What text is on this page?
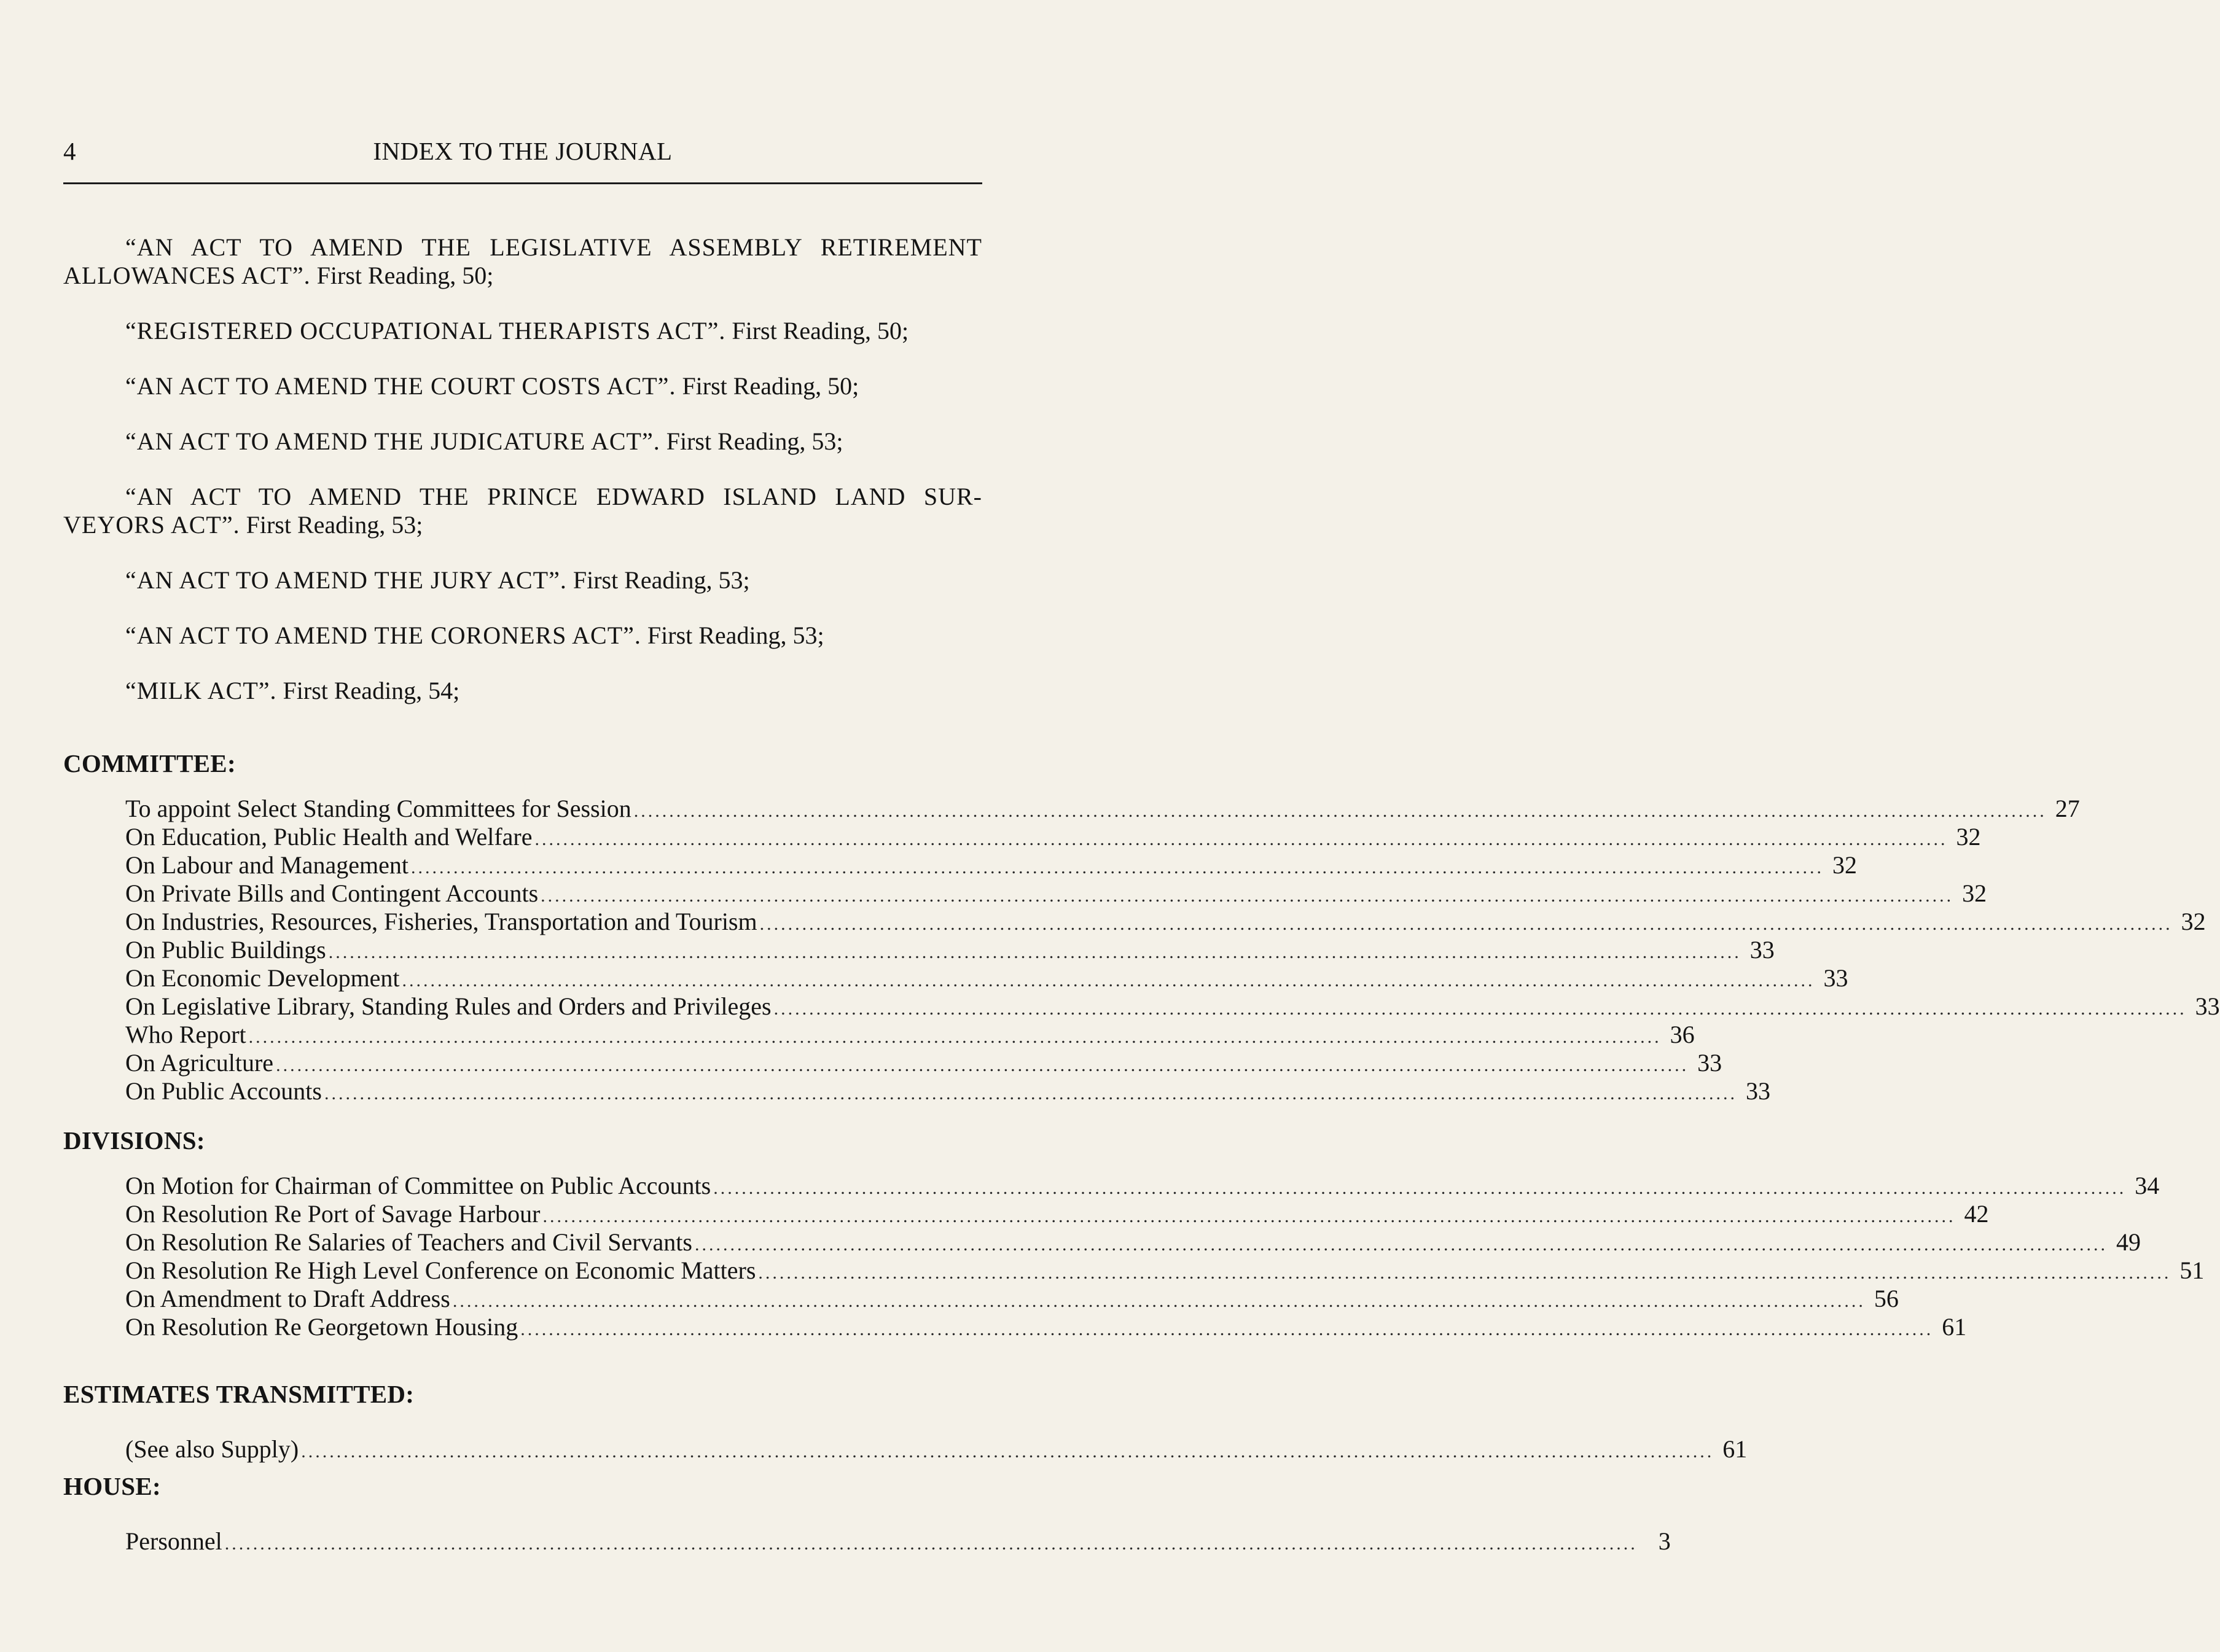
4	INDEX TO THE JOURNAL

“AN ACT TO AMEND THE LEGISLATIVE ASSEMBLY RETIREMENT ALLOWANCES ACT”. First Reading, 50;

“REGISTERED OCCUPATIONAL THERAPISTS ACT”. First Reading, 50;

“AN ACT TO AMEND THE COURT COSTS ACT”. First Reading, 50;

“AN ACT TO AMEND THE JUDICATURE ACT”. First Reading, 53;

“AN ACT TO AMEND THE PRINCE EDWARD ISLAND LAND SUR-VEYORS ACT”. First Reading, 53;

“AN ACT TO AMEND THE JURY ACT”. First Reading, 53;

“AN ACT TO AMEND THE CORONERS ACT”. First Reading, 53;

“MILK ACT”. First Reading, 54;

COMMITTEE:
To appoint Select Standing Committees for Session ........................................................................................................................................................................................................ 27
On Education, Public Health and Welfare ........................................................................................................................................................................................................ 32
On Labour and Management ........................................................................................................................................................................................................ 32
On Private Bills and Contingent Accounts ........................................................................................................................................................................................................ 32
On Industries, Resources, Fisheries, Transportation and Tourism ........................................................................................................................................................................................................ 32
On Public Buildings ........................................................................................................................................................................................................ 33
On Economic Development ........................................................................................................................................................................................................ 33
On Legislative Library, Standing Rules and Orders and Privileges ........................................................................................................................................................................................................ 33
Who Report ........................................................................................................................................................................................................ 36
On Agriculture ........................................................................................................................................................................................................ 33
On Public Accounts ........................................................................................................................................................................................................ 33
DIVISIONS:
On Motion for Chairman of Committee on Public Accounts ........................................................................................................................................................................................................ 34
On Resolution Re Port of Savage Harbour ........................................................................................................................................................................................................ 42
On Resolution Re Salaries of Teachers and Civil Servants ........................................................................................................................................................................................................ 49
On Resolution Re High Level Conference on Economic Matters ........................................................................................................................................................................................................ 51
On Amendment to Draft Address ........................................................................................................................................................................................................ 56
On Resolution Re Georgetown Housing ........................................................................................................................................................................................................ 61
ESTIMATES TRANSMITTED:
(See also Supply) ........................................................................................................................................................................................................ 61
HOUSE:
Personnel ........................................................................................................................................................................................................ 3
